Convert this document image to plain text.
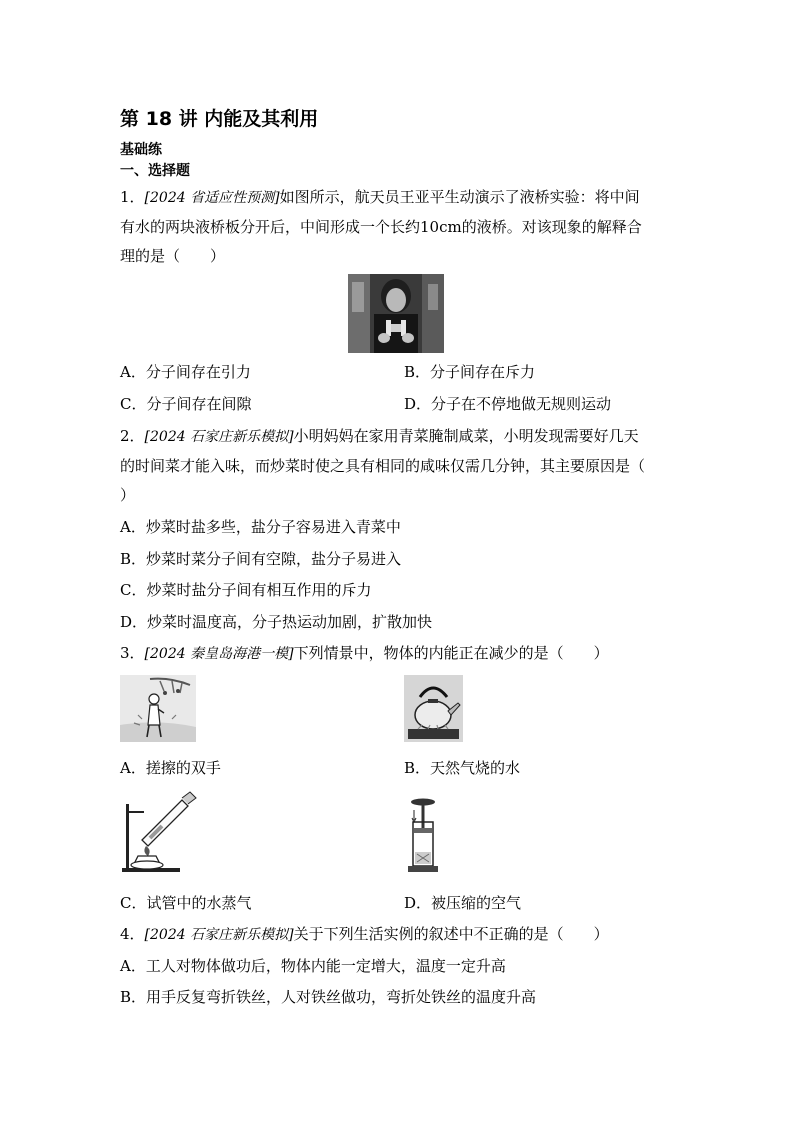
第 18 讲 内能及其利用
基础练
一、选择题
1．[2024 省适应性预测]如图所示，航天员王亚平生动演示了液桥实验：将中间
有水的两块液桥板分开后，中间形成一个长约10cm的液桥。对该现象的解释合
理的是（　　）
A．分子间存在引力	B．分子间存在斥力
C．分子间存在间隙	D．分子在不停地做无规则运动
2．[2024 石家庄新乐模拟]小明妈妈在家用青菜腌制咸菜，小明发现需要好几天
的时间菜才能入味，而炒菜时使之具有相同的咸味仅需几分钟，其主要原因是（
）
A．炒菜时盐多些，盐分子容易进入青菜中
B．炒菜时菜分子间有空隙，盐分子易进入
C．炒菜时盐分子间有相互作用的斥力
D．炒菜时温度高，分子热运动加剧，扩散加快
3．[2024 秦皇岛海港一模]下列情景中，物体的内能正在减少的是（　　）
A．搓擦的双手	B．天然气烧的水
C．试管中的水蒸气	D．被压缩的空气
4．[2024 石家庄新乐模拟]关于下列生活实例的叙述中不正确的是（　　）
A．工人对物体做功后，物体内能一定增大，温度一定升高
B．用手反复弯折铁丝，人对铁丝做功，弯折处铁丝的温度升高
